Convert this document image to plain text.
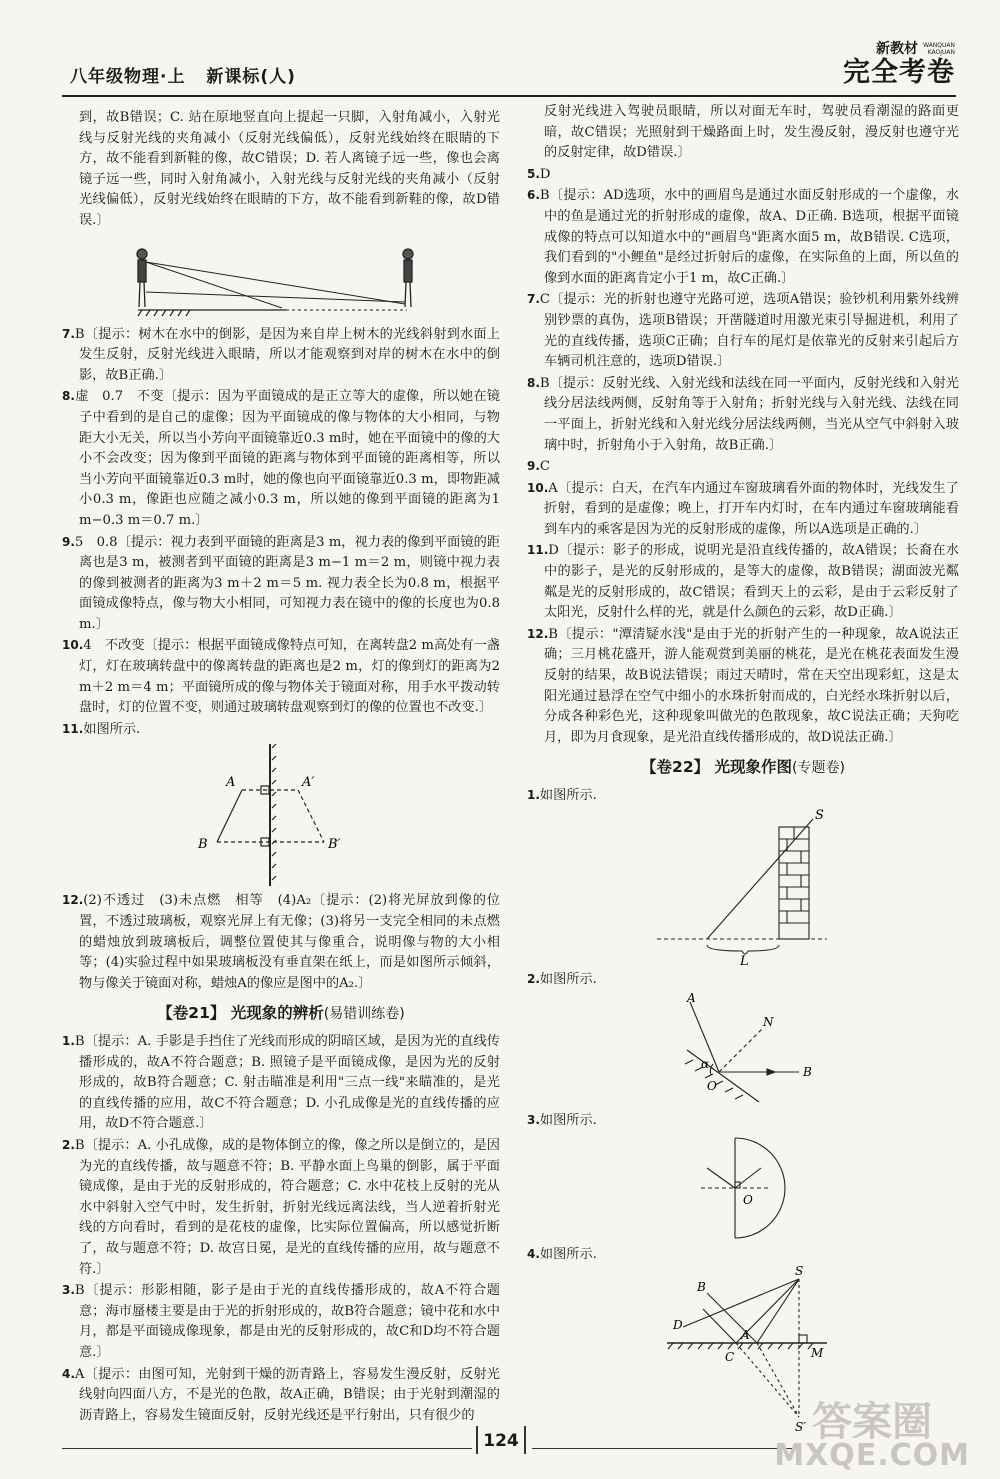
八年级物理·上 新课标(人)
新教材 WANQUAN
KAOJUAN
完全考卷

到，故B错误；C. 站在原地竖直向上提起一只脚，入射角减小，入射光线与反射光线的夹角减小（反射光线偏低），反射光线始终在眼睛的下方，故不能看到新鞋的像，故C错误；D. 若人离镜子远一些，像也会离镜子远一些，同时入射角减小，入射光线与反射光线的夹角减小（反射光线偏低），反射光线始终在眼睛的下方，故不能看到新鞋的像，故D错误.〕

7.B〔提示：树木在水中的倒影，是因为来自岸上树木的光线斜射到水面上发生反射，反射光线进入眼睛，所以才能观察到对岸的树木在水中的倒影，故B正确.〕

8.虚　0.7　不变〔提示：因为平面镜成的是正立等大的虚像，所以她在镜子中看到的是自己的虚像；因为平面镜成的像与物体的大小相同，与物距大小无关，所以当小芳向平面镜靠近0.3 m时，她在平面镜中的像的大小不会改变；因为像到平面镜的距离与物体到平面镜的距离相等，所以当小芳向平面镜靠近0.3 m时，她的像也向平面镜靠近0.3 m，即物距减小0.3 m，像距也应随之减小0.3 m，所以她的像到平面镜的距离为1 m−0.3 m＝0.7 m.〕

9.5　0.8〔提示：视力表到平面镜的距离是3 m，视力表的像到平面镜的距离也是3 m，被测者到平面镜的距离是3 m−1 m＝2 m，则镜中视力表的像到被测者的距离为3 m＋2 m＝5 m. 视力表全长为0.8 m，根据平面镜成像特点，像与物大小相同，可知视力表在镜中的像的长度也为0.8 m.〕

10.4　不改变〔提示：根据平面镜成像特点可知，在离转盘2 m高处有一盏灯，灯在玻璃转盘中的像离转盘的距离也是2 m，灯的像到灯的距离为2 m＋2 m＝4 m；平面镜所成的像与物体关于镜面对称，用手水平拨动转盘时，灯的位置不变，则通过玻璃转盘观察到灯的像的位置也不改变.〕

11.如图所示.

A	A′
B	B′

12.(2)不透过　(3)未点燃　相等　(4)A₂〔提示：(2)将光屏放到像的位置，不透过玻璃板，观察光屏上有无像；(3)将另一支完全相同的未点燃的蜡烛放到玻璃板后，调整位置使其与像重合，说明像与物的大小相等；(4)实验过程中如果玻璃板没有垂直架在纸上，而是如图所示倾斜，物与像关于镜面对称，蜡烛A的像应是图中的A₂.〕

【卷21】 光现象的辨析(易错训练卷)

1.B〔提示：A. 手影是手挡住了光线而形成的阴暗区域，是因为光的直线传播形成的，故A不符合题意；B. 照镜子是平面镜成像，是因为光的反射形成的，故B符合题意；C. 射击瞄准是利用"三点一线"来瞄准的，是光的直线传播的应用，故C不符合题意；D. 小孔成像是光的直线传播的应用，故D不符合题意.〕

2.B〔提示：A. 小孔成像，成的是物体倒立的像，像之所以是倒立的，是因为光的直线传播，故与题意不符；B. 平静水面上鸟巢的倒影，属于平面镜成像，是由于光的反射形成的，符合题意；C. 水中花枝上反射的光从水中斜射入空气中时，发生折射，折射光线远离法线，当人逆着折射光线的方向看时，看到的是花枝的虚像，比实际位置偏高，所以感觉折断了，故与题意不符；D. 故宫日冕，是光的直线传播的应用，故与题意不符.〕

3.B〔提示：形影相随，影子是由于光的直线传播形成的，故A不符合题意；海市蜃楼主要是由于光的折射形成的，故B符合题意；镜中花和水中月，都是平面镜成像现象，都是由光的反射形成的，故C和D均不符合题意.〕

4.A〔提示：由图可知，光射到干燥的沥青路上，容易发生漫反射，反射光线射向四面八方，不是光的色散，故A正确，B错误；由于光射到潮湿的沥青路上，容易发生镜面反射，反射光线还是平行射出，只有很少的

反射光线进入驾驶员眼睛，所以对面无车时，驾驶员看潮湿的路面更暗，故C错误；光照射到干燥路面上时，发生漫反射，漫反射也遵守光的反射定律，故D错误.〕

5.D

6.B〔提示：AD选项，水中的画眉鸟是通过水面反射形成的一个虚像，水中的鱼是通过光的折射形成的虚像，故A、D正确. B选项，根据平面镜成像的特点可以知道水中的"画眉鸟"距离水面5 m，故B错误. C选项，我们看到的"小鲤鱼"是经过折射后的虚像，在实际鱼的上面，所以鱼的像到水面的距离肯定小于1 m，故C正确.〕

7.C〔提示：光的折射也遵守光路可逆，选项A错误；验钞机利用紫外线辨别钞票的真伪，选项B错误；开凿隧道时用激光束引导掘进机，利用了光的直线传播，选项C正确；自行车的尾灯是依靠光的反射来引起后方车辆司机注意的，选项D错误.〕

8.B〔提示：反射光线、入射光线和法线在同一平面内，反射光线和入射光线分居法线两侧，反射角等于入射角；折射光线与入射光线、法线在同一平面上，折射光线和入射光线分居法线两侧，当光从空气中斜射入玻璃中时，折射角小于入射角，故B正确.〕

9.C

10.A〔提示：白天，在汽车内通过车窗玻璃看外面的物体时，光线发生了折射，看到的是虚像；晚上，打开车内灯时，在车内通过车窗玻璃能看到车内的乘客是因为光的反射形成的虚像，所以A选项是正确的.〕

11.D〔提示：影子的形成，说明光是沿直线传播的，故A错误；长裔在水中的影子，是光的反射形成的，是等大的虚像，故B错误；湖面波光粼粼是光的反射形成的，故C错误；看到天上的云彩，是由于云彩反射了太阳光，反射什么样的光，就是什么颜色的云彩，故D正确.〕

12.B〔提示："潭清疑水浅"是由于光的折射产生的一种现象，故A说法正确；三月桃花盛开，游人能观赏到美丽的桃花，是光在桃花表面发生漫反射的结果，故B说法错误；雨过天晴时，常在天空出现彩虹，这是太阳光通过悬浮在空气中细小的水珠折射而成的，白光经水珠折射以后，分成各种彩色光，这种现象叫做光的色散现象，故C说法正确；天狗吃月，即为月食现象，是光沿直线传播形成的，故D说法正确.〕

【卷22】 光现象作图(专题卷)

1.如图所示.

S
L

2.如图所示.

A
N
α
O
B

3.如图所示.

O

4.如图所示.

S
B
D
A
C	M
S′
124	答案圈
MXQE.COM
